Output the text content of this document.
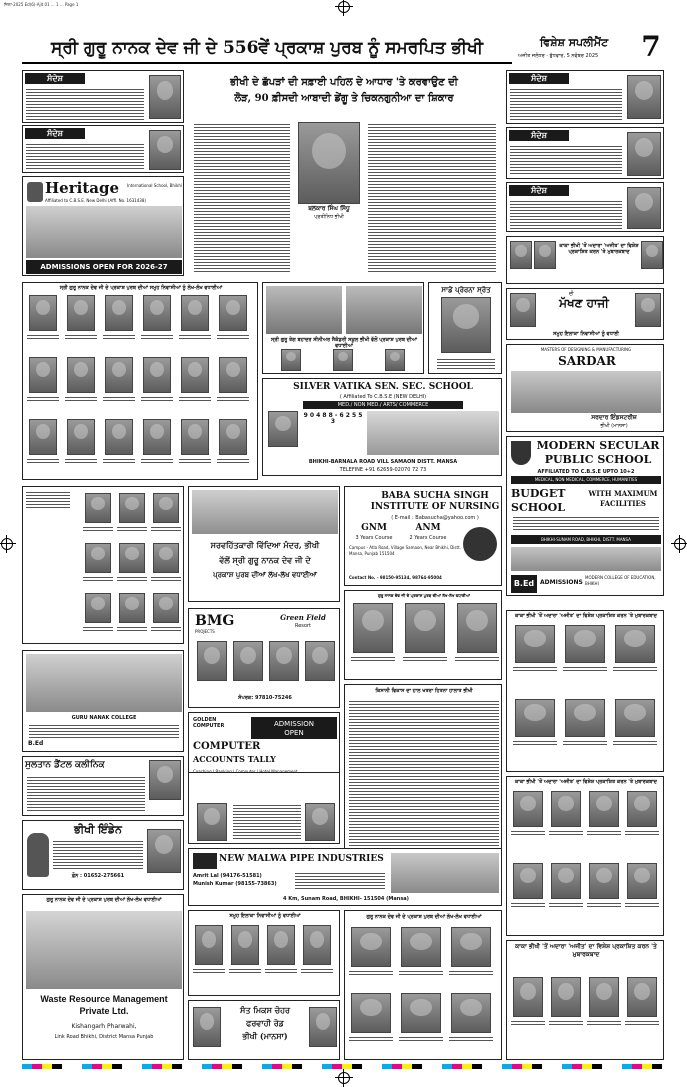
ਜ਼ਿਲਾ-2025 Ed(6)-Ajit 01 ... 1 ... Page 1
ਸ੍ਰੀ ਗੁਰੂ ਨਾਨਕ ਦੇਵ ਜੀ ਦੇ 556ਵੇਂ ਪ੍ਰਕਾਸ਼ ਪੁਰਬ ਨੂੰ ਸਮਰਪਿਤ ਭੀਖੀ	ਵਿਸ਼ੇਸ਼ ਸਪਲੀਮੈਂਟ
ਅਜੀਤ ਜਲੰਧਰ · ਬੁੱਧਵਾਰ, 5 ਨਵੰਬਰ 2025	7
ਸੰਦੇਸ਼
ਸੰਦੇਸ਼
Heritage	International School, Bhikhi
Affiliated to C.B.S.E. New Delhi (Affl. No. 1631438)
ADMISSIONS OPEN FOR 2026-27
ਭੀਖੀ ਦੇ ਛੱਪੜਾਂ ਦੀ ਸਫ਼ਾਈ ਪਹਿਲ ਦੇ ਆਧਾਰ 'ਤੇ ਕਰਵਾਉਣ ਦੀ
ਲੋੜ, 90 ਫ਼ੀਸਦੀ ਆਬਾਦੀ ਡੇਂਗੂ ਤੇ ਚਿਕਨਗੁਨੀਆ ਦਾ ਸ਼ਿਕਾਰ
ਬਲਕਾਰ ਸਿੰਘ ਸਿੱਧੂ
ਪ੍ਰਤੀਨਿਧ ਭੀਖੀ
ਸੰਦੇਸ਼
ਸੰਦੇਸ਼
ਸੰਦੇਸ਼
ਕਾਕਾ ਭੀਖੀ 'ਤੋਂ ਅਦਾਰਾ 'ਅਜੀਤ' ਦਾ ਵਿਸ਼ੇਸ਼ ਪ੍ਰਕਾਸ਼ਿਤ ਕਰਨ 'ਤੇ ਮੁਬਾਰਕਬਾਦ
ਸ੍ਰੀ ਗੁਰੂ ਨਾਨਕ ਦੇਵ ਜੀ ਦੇ ਪ੍ਰਕਾਸ਼ ਪੁਰਬ ਦੀਆਂ ਸਮੂਹ ਨਿਵਾਸੀਆਂ ਨੂੰ ਲੱਖ-ਲੱਖ ਵਧਾਈਆਂ
ਸ੍ਰੀ ਗੁਰੂ ਤੇਗ ਬਹਾਦਰ ਸੀਨੀਅਰ ਸੈਕੰਡਰੀ ਸਕੂਲ ਭੀਖੀ ਵੱਲੋਂ ਪ੍ਰਕਾਸ਼ ਪੁਰਬ ਦੀਆਂ ਵਧਾਈਆਂ
ਸਾਡੇ ਪ੍ਰੇਰਨਾ ਸ੍ਰੋਤ
SILVER VATIKA SEN. SEC. SCHOOL
( Affiliated To C.B.S.E (NEW DELHI)
MED./ NON MED./ ARTS/ COMMERCE
9 0 4 8 8 - 6 2 5 5 3
BHIKHI-BARNALA ROAD VILL SAMAON DISTT. MANSA
TELEFINE +91 62659-02070 72 73
ਦੀ
ਮੱਖਣ ਹਾਜੀ
ਸਮੂਹ ਇਲਾਕਾ ਨਿਵਾਸੀਆਂ ਨੂੰ ਵਧਾਈ
MASTERS OF DESIGNING & MANUFACTURING
SARDAR
ਸਰਦਾਰ ਇੰਡਸਟਰੀਜ਼
ਭੀਖੀ (ਮਾਨਸਾ)
MODERN SECULAR
PUBLIC SCHOOL
AFFILIATED TO C.B.S.E UPTO 10+2
MEDICAL, NON MEDICAL, COMMERCE, HUMANITIES
BUDGET SCHOOL
WITH MAXIMUM FACILITIES
BHIKHI-SUNAM ROAD, BHIKHI, DISTT. MANSA
B.Ed ADMISSIONS
MODERN COLLEGE OF EDUCATION, BHIKHI
ਸਰਵਹਿੱਤਕਾਰੀ ਵਿੱਦਿਆ ਮੰਦਰ, ਭੀਖੀ
ਵੱਲੋਂ ਸ੍ਰੀ ਗੁਰੂ ਨਾਨਕ ਦੇਵ ਜੀ ਦੇ
ਪ੍ਰਕਾਸ਼ ਪੁਰਬ ਦੀਆਂ ਲੱਖ-ਲੱਖ ਵਧਾਈਆਂ
BABA SUCHA SINGH
INSTITUTE OF NURSING
( E-mail : Babasucha@yahoo.com )
GNM	ANM
3 Years Course	2 Years Course
Campus - Atla Road, Village Samaon, Near Bhikhi, Distt. Mansa, Punjab 151504
Contact No. - 98150-95134, 98764-95004
ਗੁਰੂ ਨਾਨਕ ਦੇਵ ਜੀ ਦੇ ਪ੍ਰਕਾਸ਼ ਪੁਰਬ ਦੀਆਂ ਲੱਖ-ਲੱਖ ਵਧਾਈਆਂ
ਕਾਕਾ ਭੀਖੀ 'ਤੋਂ ਅਦਾਰਾ 'ਅਜੀਤ' ਦਾ ਵਿਸ਼ੇਸ਼ ਪ੍ਰਕਾਸ਼ਿਤ ਕਰਨ 'ਤੇ ਮੁਬਾਰਕਬਾਦ
BMG
PROJECTS
Green Field
Resort
ਸੰਪਰਕ: 97810-75246
GURU NANAK COLLEGE
B.Ed
GOLDEN COMPUTER	ADMISSION
OPEN
COMPUTER
ACCOUNTS TALLY
ਸੁਲਤਾਨ ਡੈਂਟਲ ਕਲੀਨਿਕ
ਕਿਸਾਨੀ ਵਿਕਾਸ ਦਾ ਹਾਲ ਖਤਰਾ ਹਿਤਨਾ ਹਾਲਾਤ ਭੀਖੀ
ਭੀਖੀ ਇੰਡੇਨ
ਫ਼ੋਨ : 01652-275661
NEW MALWA PIPE INDUSTRIES
Amrit Lal (94176-51581)
Munish Kumar (98155-73863)
4 Km, Sunam Road, BHIKHI- 151504 (Mansa)
ਗੁਰੂ ਨਾਨਕ ਦੇਵ ਜੀ ਦੇ ਪ੍ਰਕਾਸ਼ ਪੁਰਬ ਦੀਆਂ ਲੱਖ-ਲੱਖ ਵਧਾਈਆਂ
Waste Resource Management Private Ltd.
Kishangarh Pharwahi,
Link Road Bhikhi, District Mansa Punjab
ਸਮੂਹ ਇਲਾਕਾ ਨਿਵਾਸੀਆਂ ਨੂੰ ਵਧਾਈਆਂ
ਸੰਤ ਮਿਕਸ ਚੋਹਰ
ਫਰਵਾਹੀ ਰੋਡ
ਭੀਖੀ (ਮਾਨਸਾ)
ਗੁਰੂ ਨਾਨਕ ਦੇਵ ਜੀ ਦੇ ਪ੍ਰਕਾਸ਼ ਪੁਰਬ ਦੀਆਂ ਲੱਖ-ਲੱਖ ਵਧਾਈਆਂ
ਕਾਕਾ ਭੀਖੀ 'ਤੋਂ ਅਦਾਰਾ 'ਅਜੀਤ' ਦਾ ਵਿਸ਼ੇਸ਼ ਪ੍ਰਕਾਸ਼ਿਤ ਕਰਨ 'ਤੇ ਮੁਬਾਰਕਬਾਦ
ਕਾਕਾ ਭੀਖੀ 'ਤੋਂ ਅਦਾਰਾ 'ਅਜੀਤ' ਦਾ ਵਿਸ਼ੇਸ਼ ਪ੍ਰਕਾਸ਼ਿਤ ਕਰਨ 'ਤੇ ਮੁਬਾਰਕਬਾਦ
